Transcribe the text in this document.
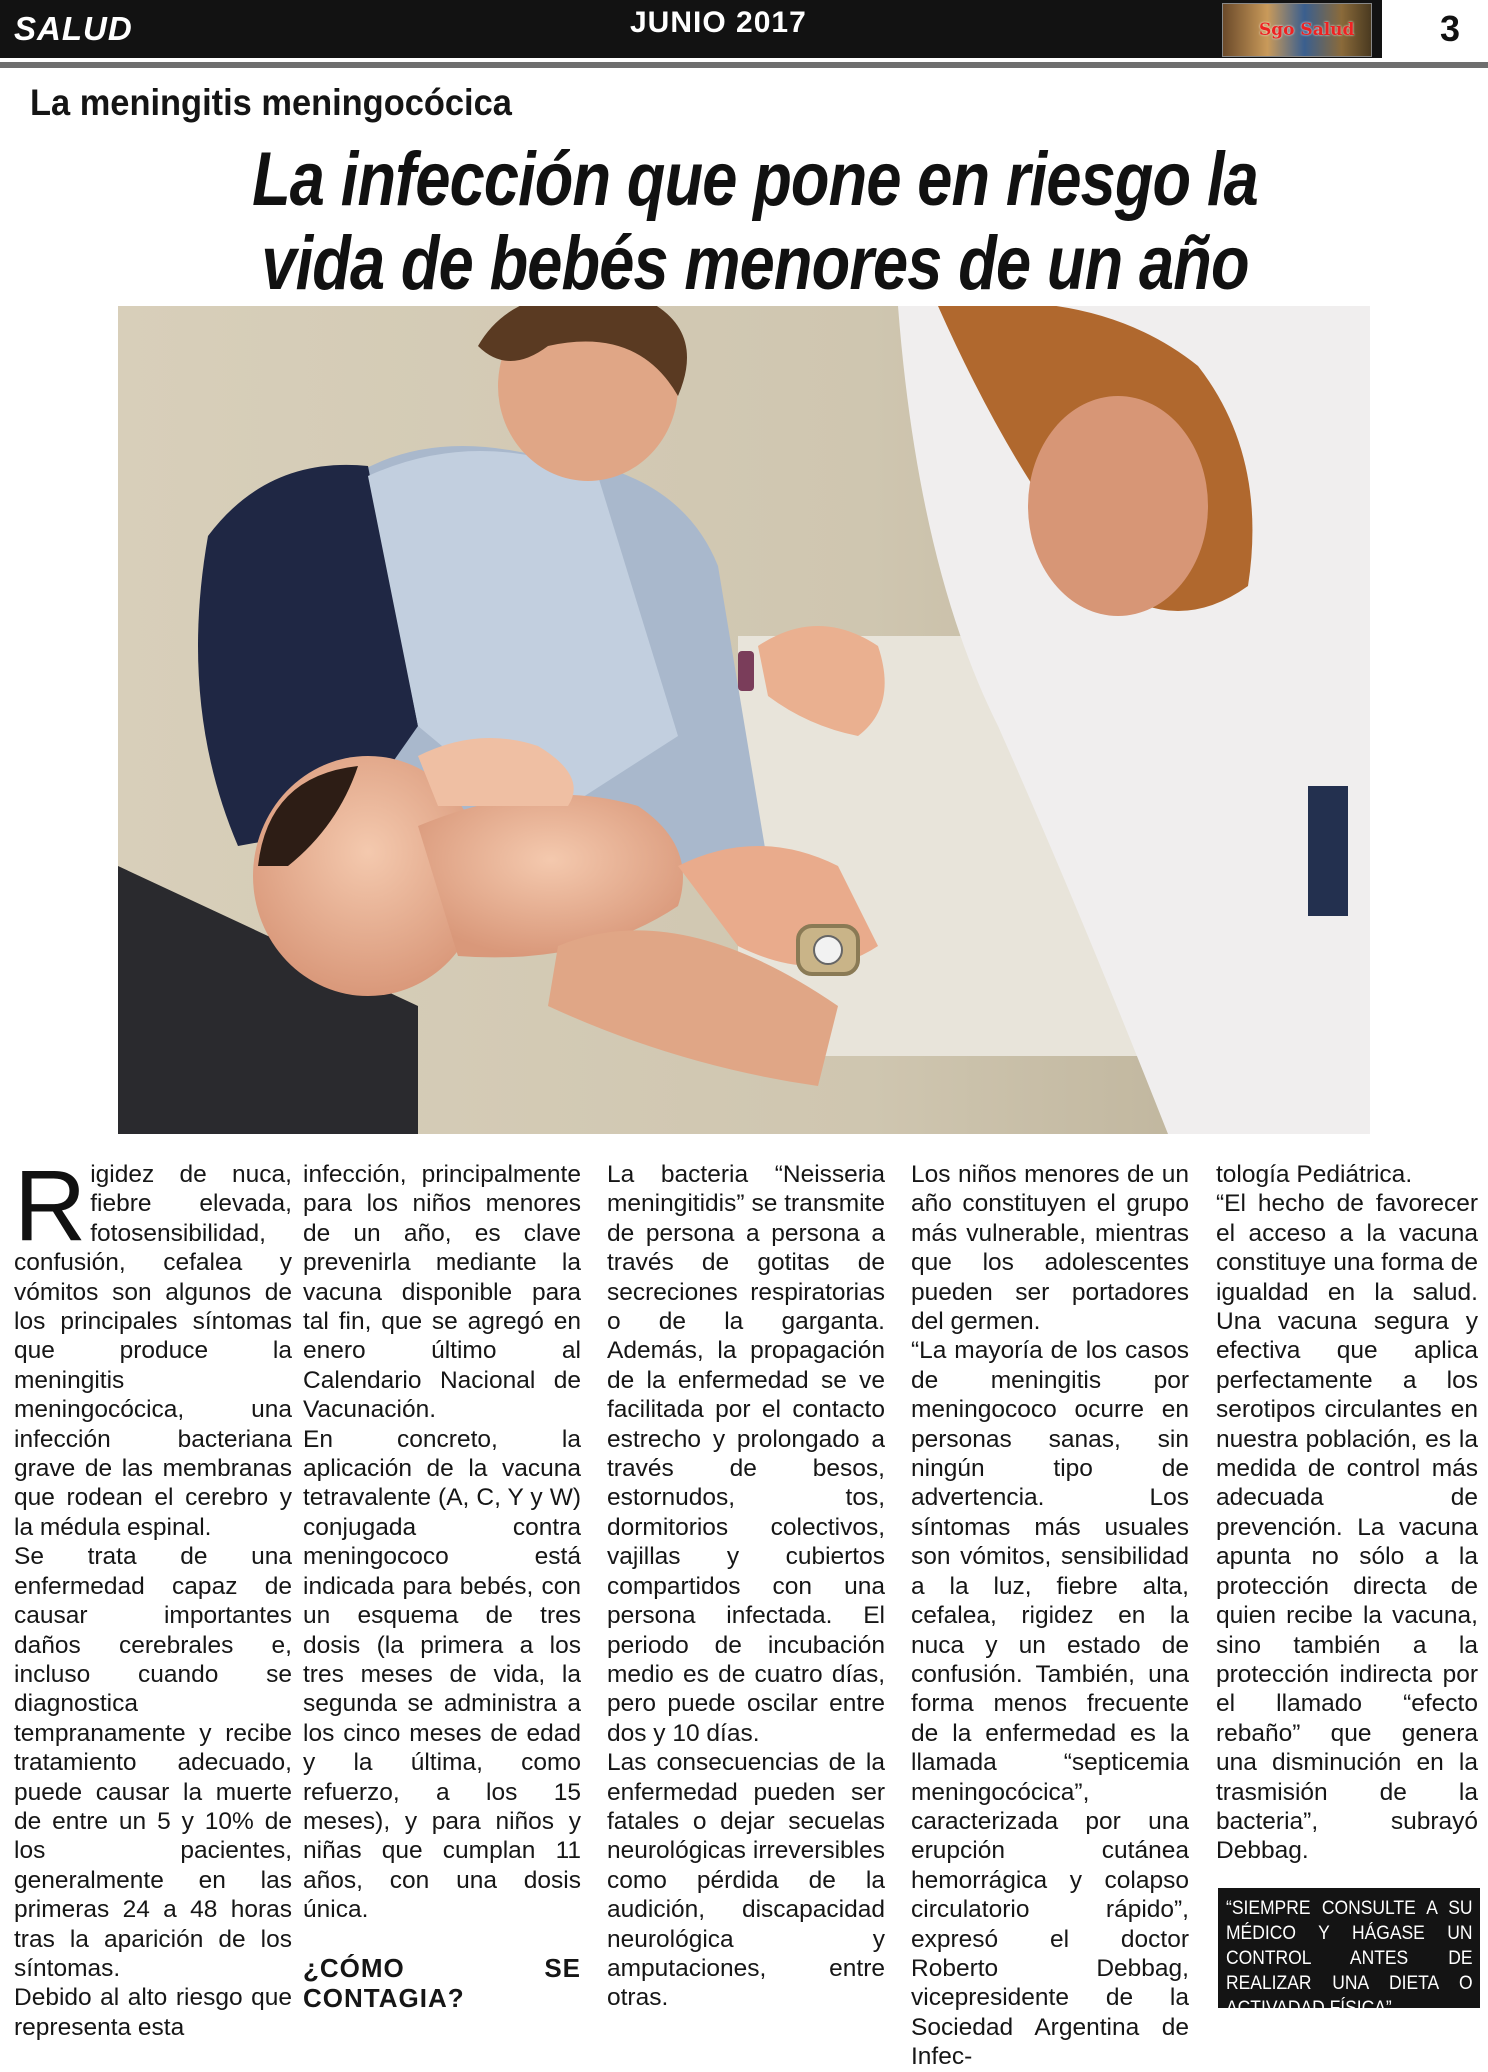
SALUD	JUNIO 2017	Sgo Salud 3
La meningitis meningocócica
La infección que pone en riesgo la
vida de bebés menores de un año

Rigidez de nuca, fiebre elevada, fotosensibilidad, confusión, cefalea y vómitos son algunos de los principales síntomas que produce la meningitis meningocócica, una infección bacteriana grave de las membranas que rodean el cerebro y la médula espinal.

Se trata de una enfermedad capaz de causar importantes daños cerebrales e, incluso cuando se diagnostica tempranamente y recibe tratamiento adecuado, puede causar la muerte de entre un 5 y 10% de los pacientes, generalmente en las primeras 24 a 48 horas tras la aparición de los síntomas.

Debido al alto riesgo que representa esta

infección, principalmente para los niños menores de un año, es clave prevenirla mediante la vacuna disponible para tal fin, que se agregó en enero último al Calendario Nacional de Vacunación.

En concreto, la aplicación de la vacuna tetravalente (A, C, Y y W) conjugada contra meningococo está indicada para bebés, con un esquema de tres dosis (la primera a los tres meses de vida, la segunda se administra a los cinco meses de edad y la última, como refuerzo, a los 15 meses), y para niños y niñas que cumplan 11 años, con una dosis única.

¿CÓMO SE CONTAGIA?

La bacteria “Neisseria meningitidis” se transmite de persona a persona a través de gotitas de secreciones respiratorias o de la garganta. Además, la propagación de la enfermedad se ve facilitada por el contacto estrecho y prolongado a través de besos, estornudos, tos, dormitorios colectivos, vajillas y cubiertos compartidos con una persona infectada. El periodo de incubación medio es de cuatro días, pero puede oscilar entre dos y 10 días.

Las consecuencias de la enfermedad pueden ser fatales o dejar secuelas neurológicas irreversibles como pérdida de la audición, discapacidad neurológica y amputaciones, entre otras.

Los niños menores de un año constituyen el grupo más vulnerable, mientras que los adolescentes pueden ser portadores del germen.

“La mayoría de los casos de meningitis por meningococo ocurre en personas sanas, sin ningún tipo de advertencia. Los síntomas más usuales son vómitos, sensibilidad a la luz, fiebre alta, cefalea, rigidez en la nuca y un estado de confusión. También, una forma menos frecuente de la enfermedad es la llamada “septicemia meningocócica”, caracterizada por una erupción cutánea hemorrágica y colapso circulatorio rápido”, expresó el doctor Roberto Debbag, vicepresidente de la Sociedad Argentina de Infec-

tología Pediátrica.

“El hecho de favorecer el acceso a la vacuna constituye una forma de igualdad en la salud. Una vacuna segura y efectiva que aplica perfectamente a los serotipos circulantes en nuestra población, es la medida de control más adecuada de prevención. La vacuna apunta no sólo a la protección directa de quien recibe la vacuna, sino también a la protección indirecta por el llamado “efecto rebaño” que genera una disminución en la trasmisión de la bacteria”, subrayó Debbag.

“SIEMPRE CONSULTE A SU MÉDICO Y HÁGASE UN CONTROL ANTES DE REALIZAR UNA DIETA O ACTIVADAD FÍSICA”
